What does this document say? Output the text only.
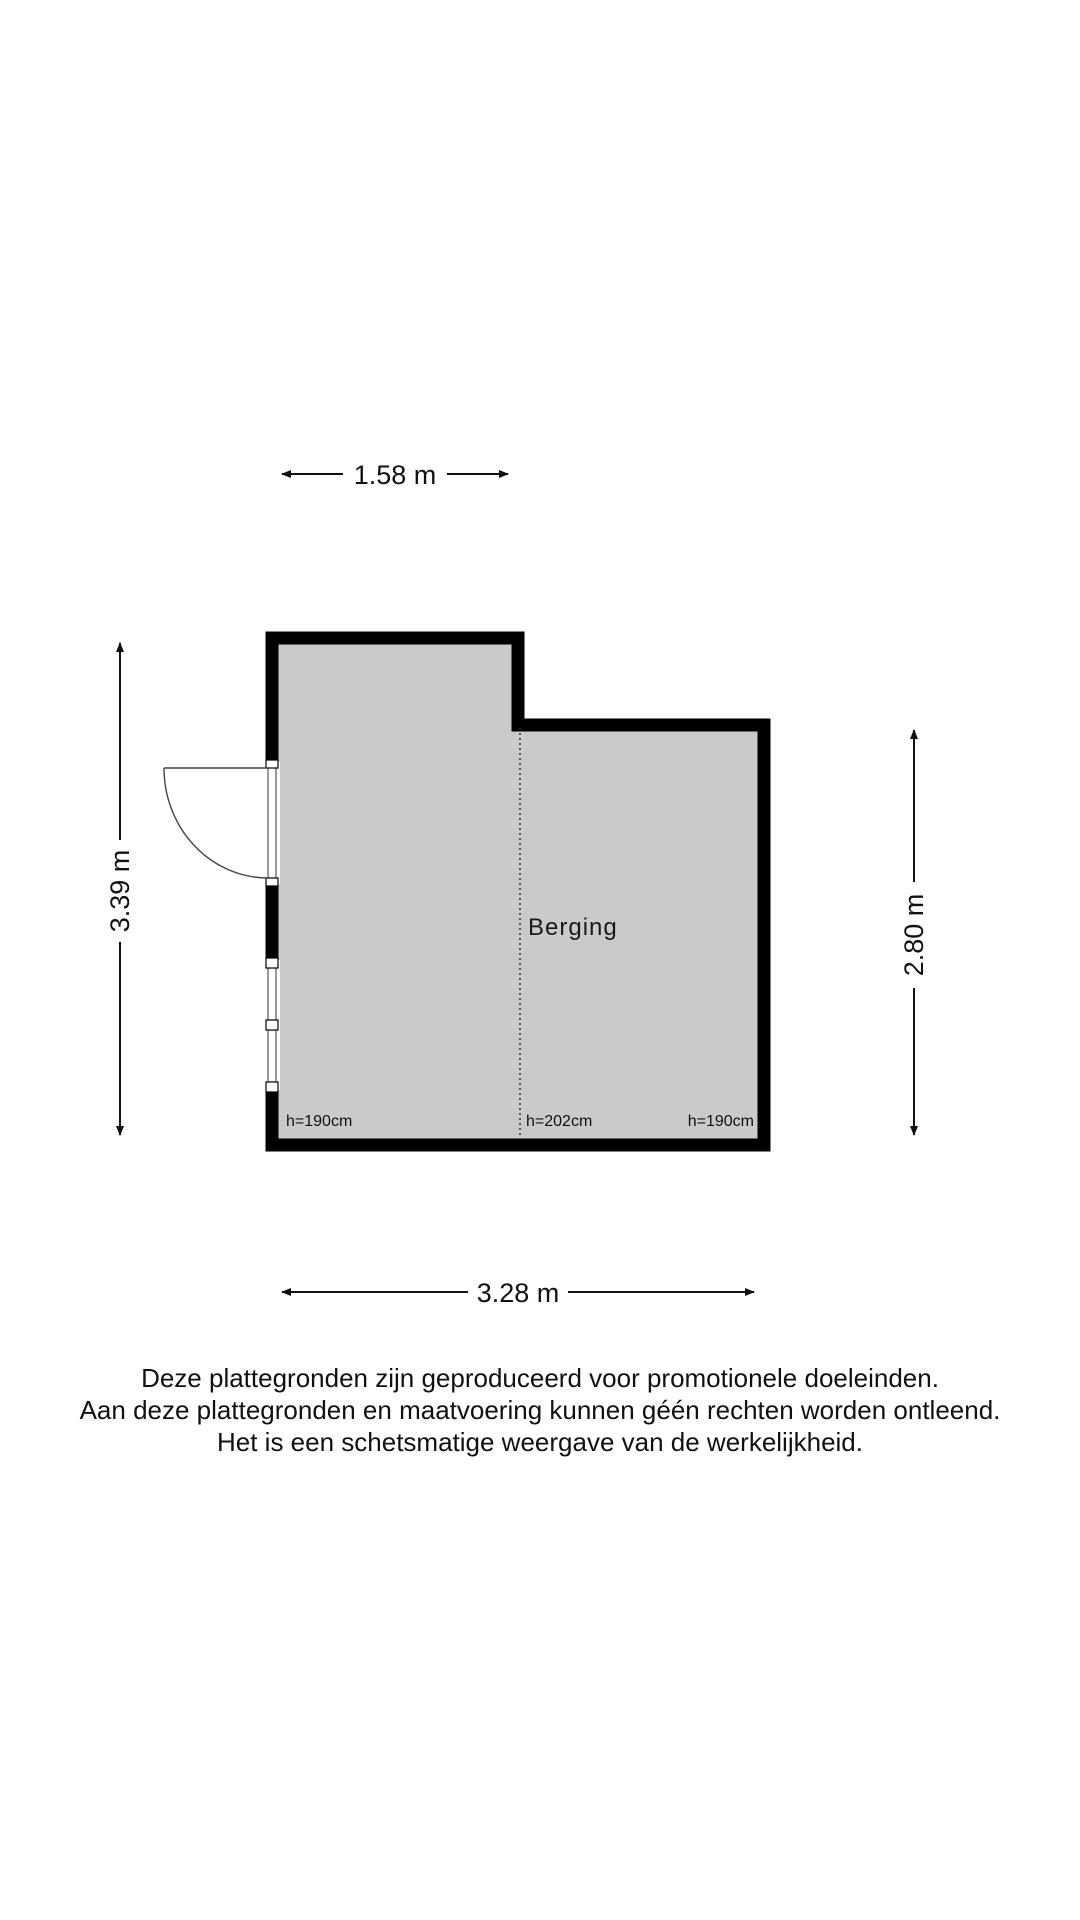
Berging
h=190cm	h=202cm	h=190cm
1.58 m
3.28 m
3.39 m
2.80 m
Deze plattegronden zijn geproduceerd voor promotionele doeleinden.
Aan deze plattegronden en maatvoering kunnen géén rechten worden ontleend.
Het is een schetsmatige weergave van de werkelijkheid.
